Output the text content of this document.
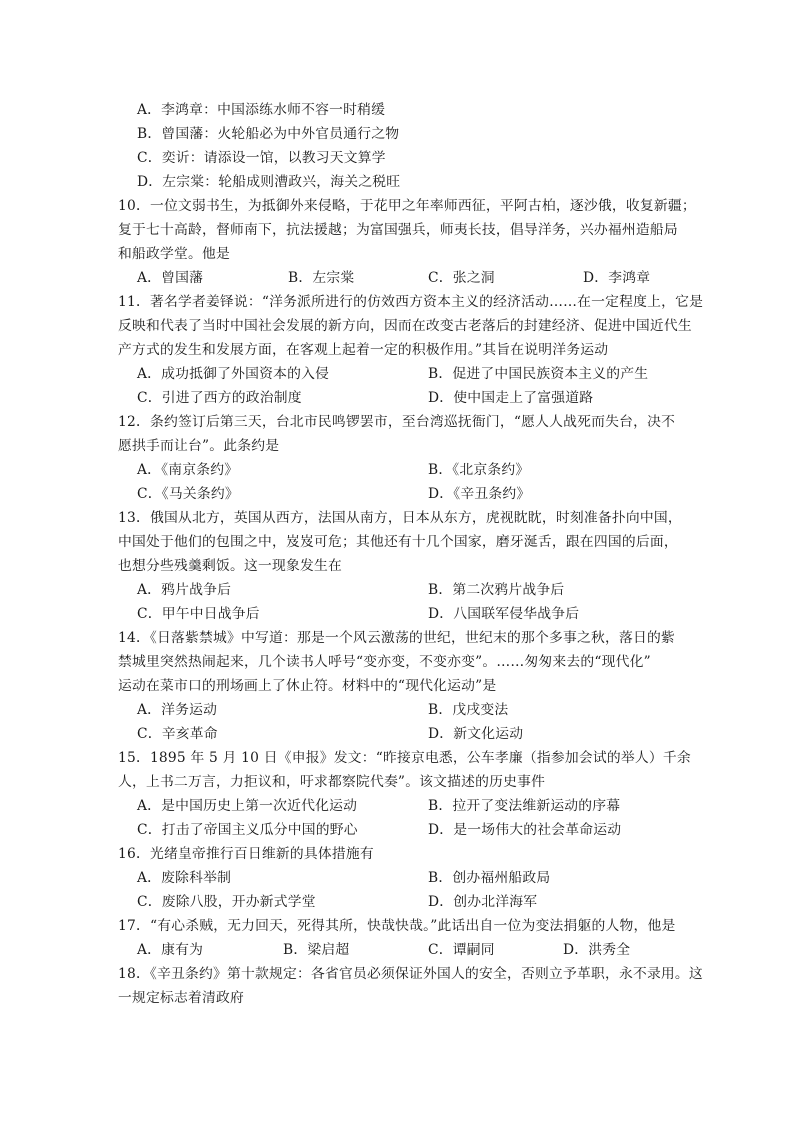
A．李鸿章：中国添练水师不容一时稍缓
B．曾国藩：火轮船必为中外官员通行之物
C．奕䜣：请添设一馆，以教习天文算学
D．左宗棠：轮船成则漕政兴，海关之税旺
10．一位文弱书生，为抵御外来侵略，于花甲之年率师西征，平阿古柏，逐沙俄，收复新疆；
复于七十高龄，督师南下，抗法援越；为富国强兵，师夷长技，倡导洋务，兴办福州造船局
和船政学堂。他是
A．曾国藩	B．左宗棠	C．张之洞	D．李鸿章
11．著名学者姜铎说：“洋务派所进行的仿效西方资本主义的经济活动……在一定程度上，它是
反映和代表了当时中国社会发展的新方向，因而在改变古老落后的封建经济、促进中国近代生
产方式的发生和发展方面，在客观上起着一定的积极作用。”其旨在说明洋务运动
A．成功抵御了外国资本的入侵	B．促进了中国民族资本主义的产生
C．引进了西方的政治制度	D．使中国走上了富强道路
12．条约签订后第三天，台北市民鸣锣罢市，至台湾巡抚衙门，“愿人人战死而失台，决不
愿拱手而让台”。此条约是
A．《南京条约》	B．《北京条约》
C．《马关条约》	D．《辛丑条约》
13．俄国从北方，英国从西方，法国从南方，日本从东方，虎视眈眈，时刻准备扑向中国，
中国处于他们的包围之中，岌岌可危；其他还有十几个国家，磨牙涎舌，跟在四国的后面，
也想分些残羹剩饭。这一现象发生在
A．鸦片战争后	B．第二次鸦片战争后
C．甲午中日战争后	D．八国联军侵华战争后
14．《日落紫禁城》中写道：那是一个风云激荡的世纪，世纪末的那个多事之秋，落日的紫
禁城里突然热闹起来，几个读书人呼号“变亦变，不变亦变”。……匆匆来去的“现代化”
运动在菜市口的刑场画上了休止符。材料中的“现代化运动”是
A．洋务运动	B．戊戌变法
C．辛亥革命	D．新文化运动
15．1895 年 5 月 10 日《申报》发文：“昨接京电悉，公车孝廉（指参加会试的举人）千余
人，上书二万言，力拒议和，吁求都察院代奏”。该文描述的历史事件
A．是中国历史上第一次近代化运动	B．拉开了变法维新运动的序幕
C．打击了帝国主义瓜分中国的野心	D．是一场伟大的社会革命运动
16．光绪皇帝推行百日维新的具体措施有
A．废除科举制	B．创办福州船政局
C．废除八股，开办新式学堂	D．创办北洋海军
17．“有心杀贼，无力回天，死得其所，快哉快哉。”此话出自一位为变法捐躯的人物，他是
A．康有为	B．梁启超	C．谭嗣同	D．洪秀全
18．《辛丑条约》第十款规定：各省官员必须保证外国人的安全，否则立予革职，永不录用。这
一规定标志着清政府
